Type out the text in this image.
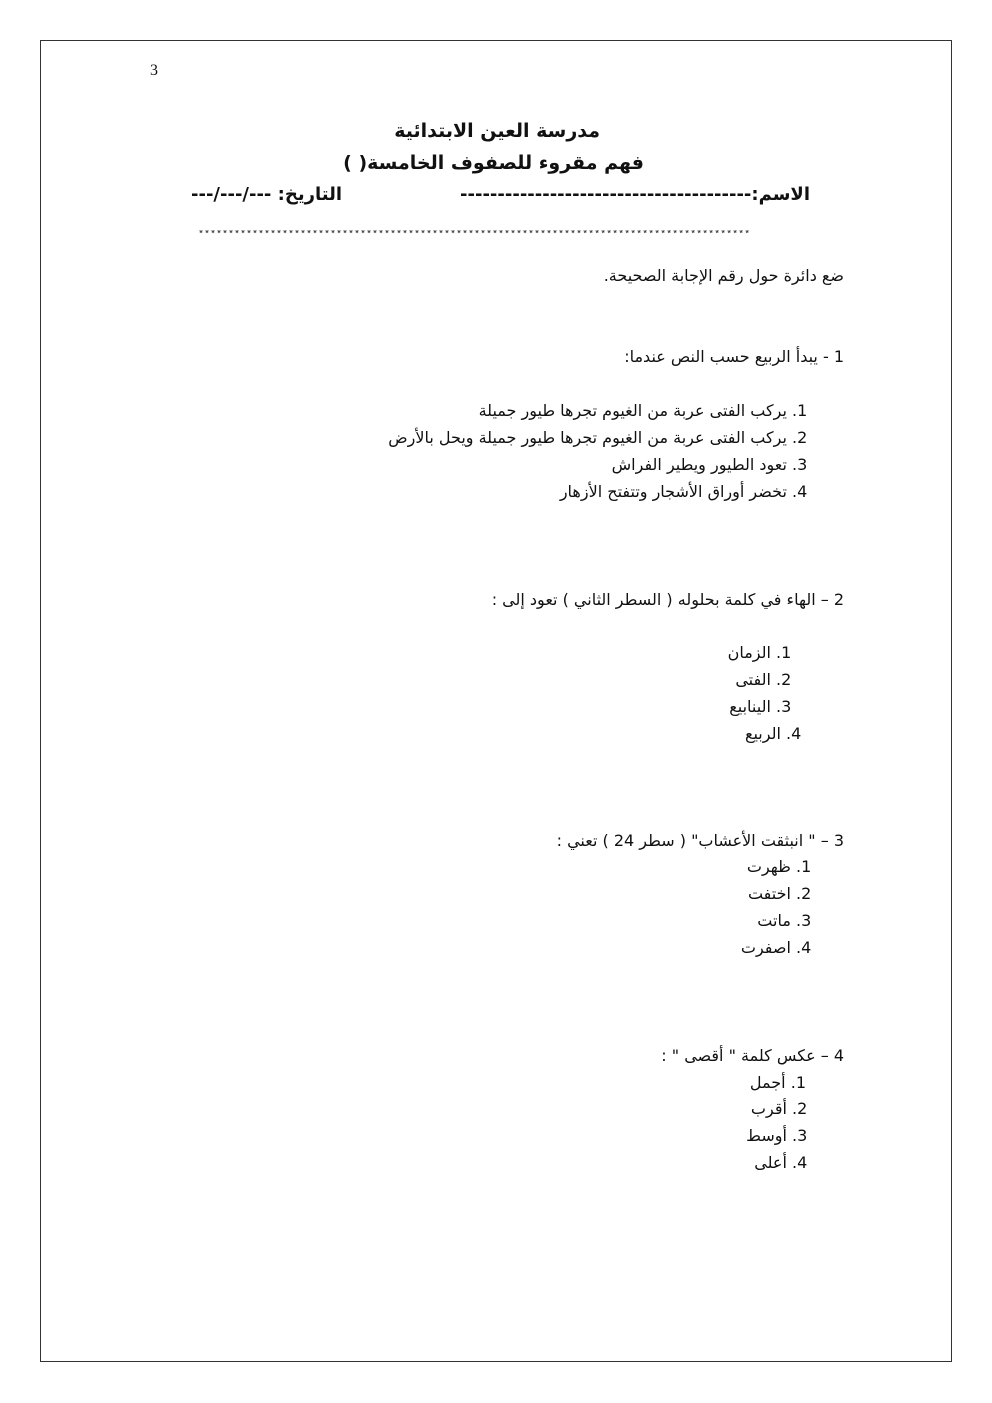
3
مدرسة العين الابتدائية
فهم مقروء للصفوف الخامسة( )
الاسم:---------------------------------------
التاريخ: ---/---/---
********************************************************************************************
ضع دائرة حول رقم الإجابة الصحيحة.
1 - يبدأ الربيع حسب النص عندما:
1. يركب الفتى عربة من الغيوم تجرها طيور جميلة
2. يركب الفتى عربة من الغيوم تجرها طيور جميلة ويحل بالأرض
3. تعود الطيور ويطير الفراش
4. تخضر أوراق الأشجار وتتفتح الأزهار
2 – الهاء في كلمة بحلوله ( السطر الثاني ) تعود إلى :
1. الزمان
2. الفتى
3. الينابيع
4. الربيع
3 – " انبثقت الأعشاب" ( سطر 24 ) تعني :
1. ظهرت
2. اختفت
3. ماتت
4. اصفرت
4 – عكس كلمة " أقصى " :
1. أجمل
2. أقرب
3. أوسط
4. أعلى
